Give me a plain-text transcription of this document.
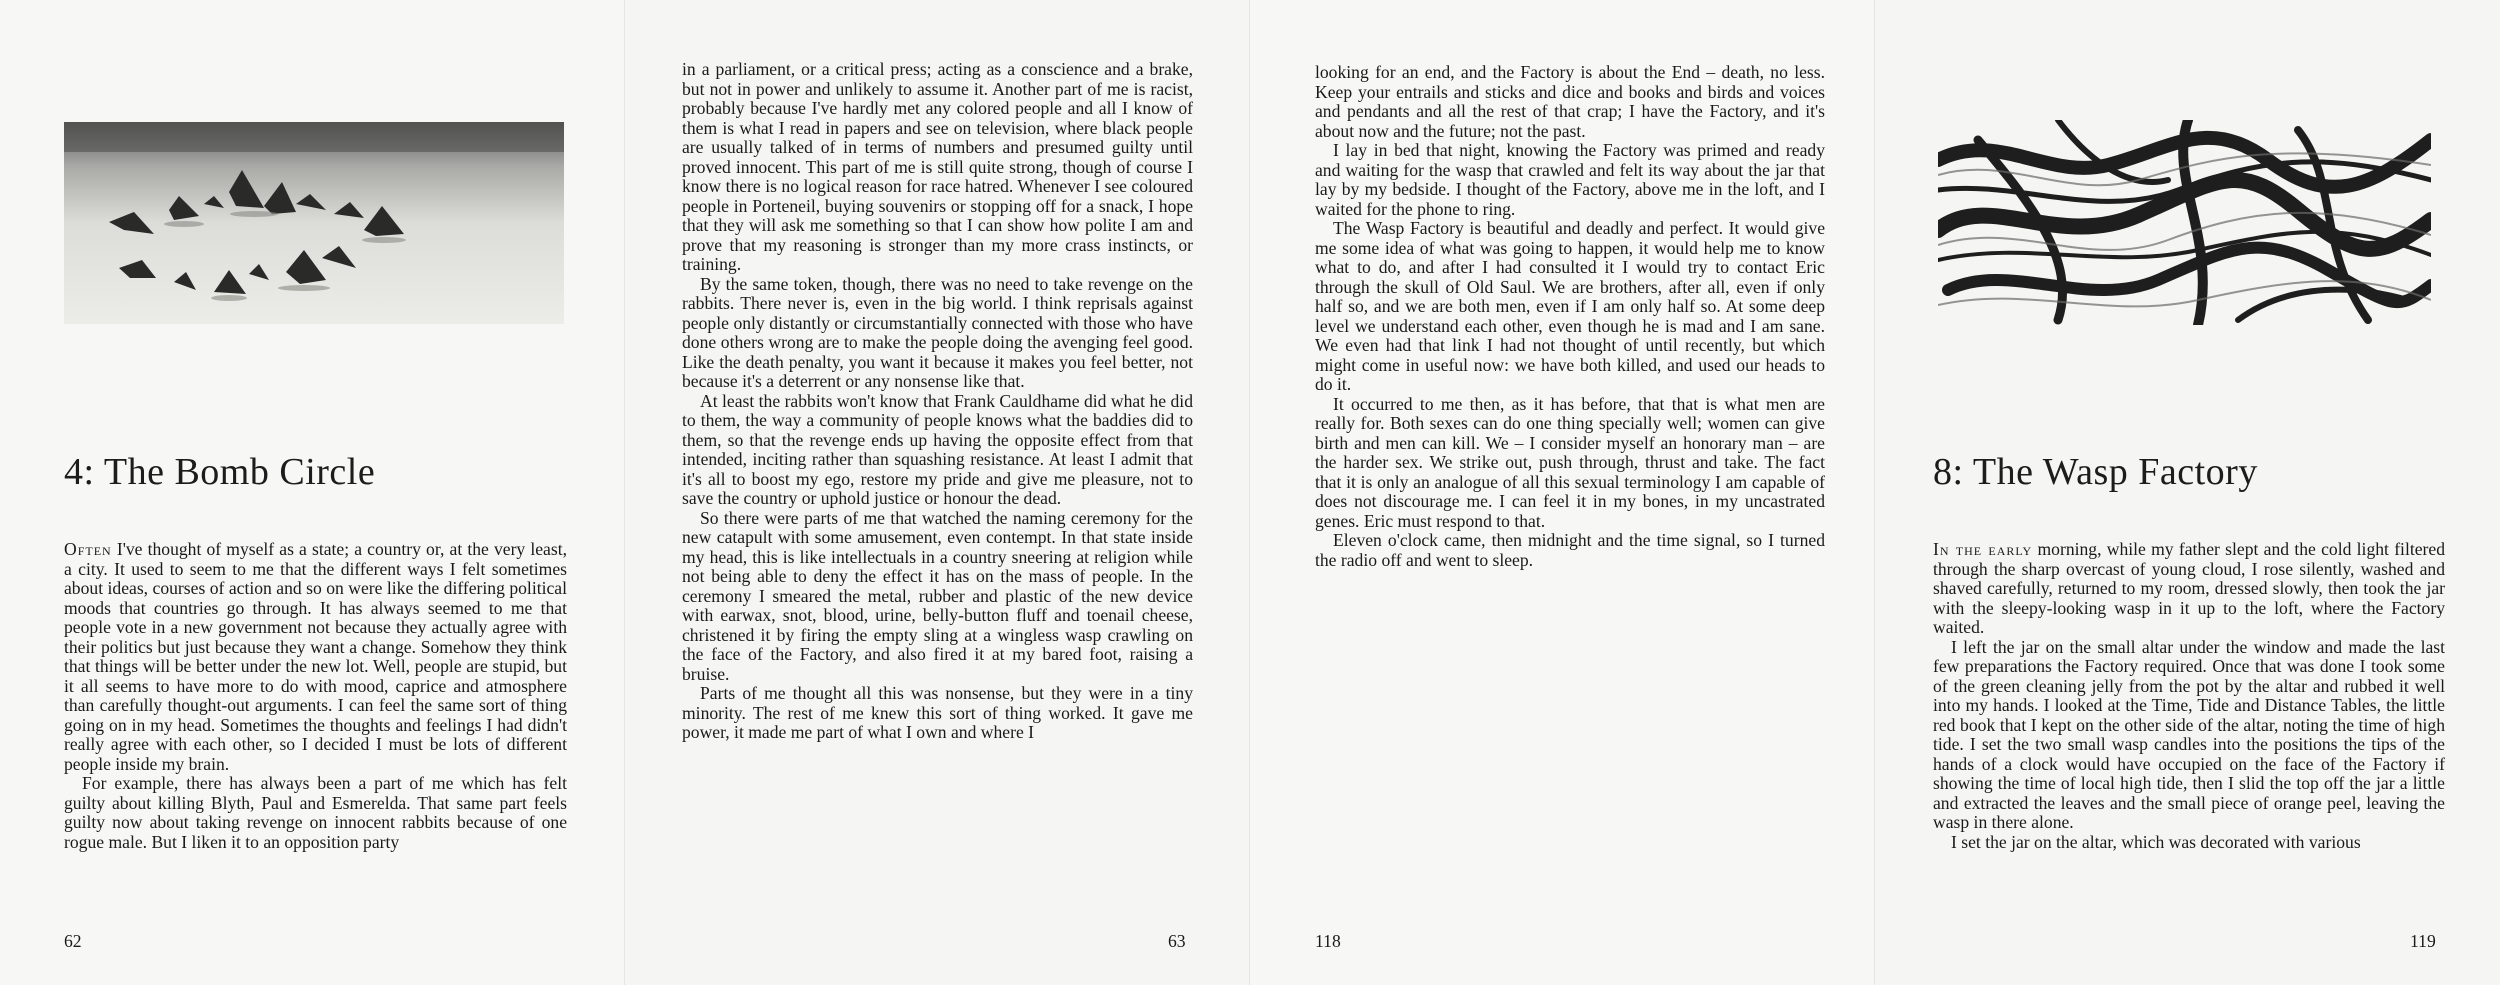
4: The Bomb Circle

Often I've thought of myself as a state; a country or, at the very least, a city. It used to seem to me that the different ways I felt sometimes about ideas, courses of action and so on were like the differing political moods that countries go through. It has always seemed to me that people vote in a new government not because they actually agree with their politics but just because they want a change. Somehow they think that things will be better under the new lot. Well, people are stupid, but it all seems to have more to do with mood, caprice and atmosphere than carefully thought-out arguments. I can feel the same sort of thing going on in my head. Sometimes the thoughts and feelings I had didn't really agree with each other, so I decided I must be lots of different people inside my brain.

For example, there has always been a part of me which has felt guilty about killing Blyth, Paul and Esmerelda. That same part feels guilty now about taking revenge on innocent rabbits because of one rogue male. But I liken it to an opposition party

62

in a parliament, or a critical press; acting as a conscience and a brake, but not in power and unlikely to assume it. Another part of me is racist, probably because I've hardly met any colored people and all I know of them is what I read in papers and see on television, where black people are usually talked of in terms of numbers and presumed guilty until proved innocent. This part of me is still quite strong, though of course I know there is no logical reason for race hatred. Whenever I see coloured people in Porteneil, buying souvenirs or stopping off for a snack, I hope that they will ask me something so that I can show how polite I am and prove that my reasoning is stronger than my more crass instincts, or training.

By the same token, though, there was no need to take revenge on the rabbits. There never is, even in the big world. I think reprisals against people only distantly or circumstantially connected with those who have done others wrong are to make the people doing the avenging feel good. Like the death penalty, you want it because it makes you feel better, not because it's a deterrent or any nonsense like that.

At least the rabbits won't know that Frank Cauldhame did what he did to them, the way a community of people knows what the baddies did to them, so that the revenge ends up having the opposite effect from that intended, inciting rather than squashing resistance. At least I admit that it's all to boost my ego, restore my pride and give me pleasure, not to save the country or uphold justice or honour the dead.

So there were parts of me that watched the naming ceremony for the new catapult with some amusement, even contempt. In that state inside my head, this is like intellectuals in a country sneering at religion while not being able to deny the effect it has on the mass of people. In the ceremony I smeared the metal, rubber and plastic of the new device with earwax, snot, blood, urine, belly-button fluff and toenail cheese, christened it by firing the empty sling at a wingless wasp crawling on the face of the Factory, and also fired it at my bared foot, raising a bruise.

Parts of me thought all this was nonsense, but they were in a tiny minority. The rest of me knew this sort of thing worked. It gave me power, it made me part of what I own and where I

63

looking for an end, and the Factory is about the End – death, no less. Keep your entrails and sticks and dice and books and birds and voices and pendants and all the rest of that crap; I have the Factory, and it's about now and the future; not the past.

I lay in bed that night, knowing the Factory was primed and ready and waiting for the wasp that crawled and felt its way about the jar that lay by my bedside. I thought of the Factory, above me in the loft, and I waited for the phone to ring.

The Wasp Factory is beautiful and deadly and perfect. It would give me some idea of what was going to happen, it would help me to know what to do, and after I had consulted it I would try to contact Eric through the skull of Old Saul. We are brothers, after all, even if only half so, and we are both men, even if I am only half so. At some deep level we understand each other, even though he is mad and I am sane. We even had that link I had not thought of until recently, but which might come in useful now: we have both killed, and used our heads to do it.

It occurred to me then, as it has before, that that is what men are really for. Both sexes can do one thing specially well; women can give birth and men can kill. We – I consider myself an honorary man – are the harder sex. We strike out, push through, thrust and take. The fact that it is only an analogue of all this sexual terminology I am capable of does not discourage me. I can feel it in my bones, in my uncastrated genes. Eric must respond to that.

Eleven o'clock came, then midnight and the time signal, so I turned the radio off and went to sleep.

118
8: The Wasp Factory

In the early morning, while my father slept and the cold light filtered through the sharp overcast of young cloud, I rose silently, washed and shaved carefully, returned to my room, dressed slowly, then took the jar with the sleepy-looking wasp in it up to the loft, where the Factory waited.

I left the jar on the small altar under the window and made the last few preparations the Factory required. Once that was done I took some of the green cleaning jelly from the pot by the altar and rubbed it well into my hands. I looked at the Time, Tide and Distance Tables, the little red book that I kept on the other side of the altar, noting the time of high tide. I set the two small wasp candles into the positions the tips of the hands of a clock would have occupied on the face of the Factory if showing the time of local high tide, then I slid the top off the jar a little and extracted the leaves and the small piece of orange peel, leaving the wasp in there alone.

I set the jar on the altar, which was decorated with various

119
